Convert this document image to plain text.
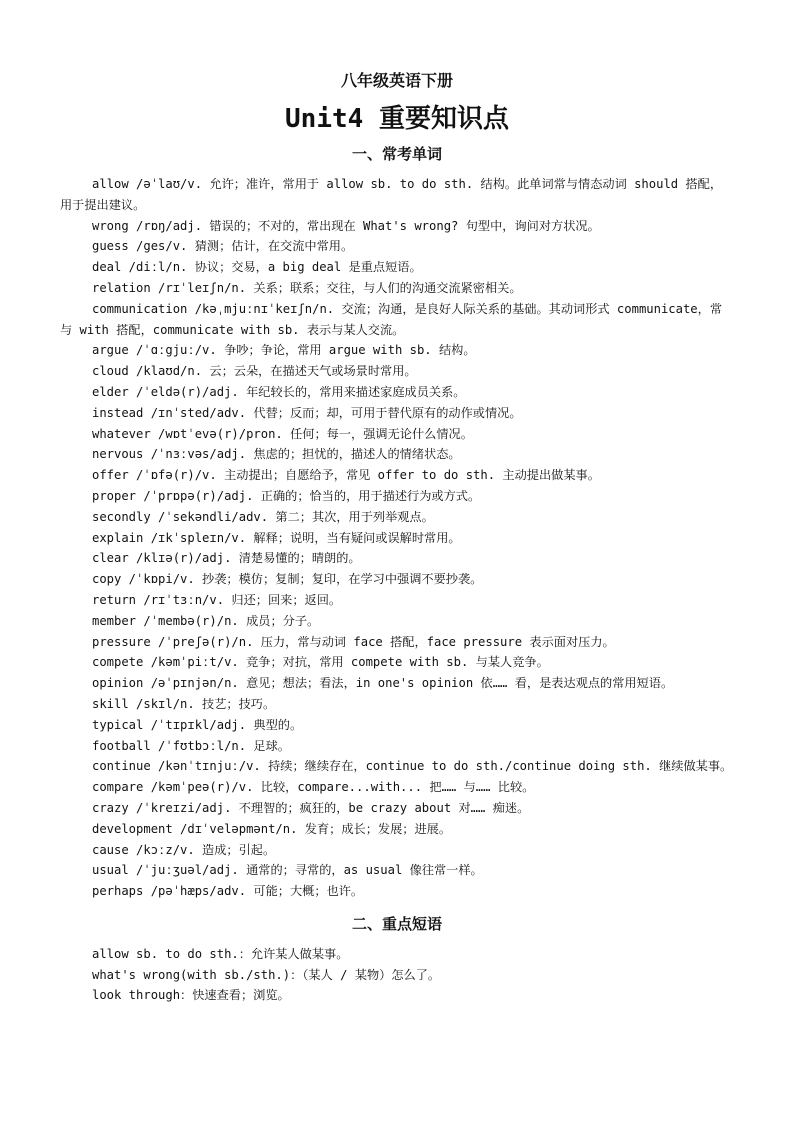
八年级英语下册
Unit4 重要知识点
一、常考单词
allow /əˈlaʊ/v. 允许；准许，常用于 allow sb. to do sth. 结构。此单词常与情态动词 should 搭配，用于提出建议。
wrong /rɒŋ/adj. 错误的；不对的，常出现在 What's wrong? 句型中，询问对方状况。
guess /ges/v. 猜测；估计，在交流中常用。
deal /diːl/n. 协议；交易，a big deal 是重点短语。
relation /rɪˈleɪʃn/n. 关系；联系；交往，与人们的沟通交流紧密相关。
communication /kəˌmjuːnɪˈkeɪʃn/n. 交流；沟通，是良好人际关系的基础。其动词形式 communicate，常与 with 搭配，communicate with sb. 表示与某人交流。
argue /ˈɑːgjuː/v. 争吵；争论，常用 argue with sb. 结构。
cloud /klaʊd/n. 云；云朵，在描述天气或场景时常用。
elder /ˈeldə(r)/adj. 年纪较长的，常用来描述家庭成员关系。
instead /ɪnˈsted/adv. 代替；反而；却，可用于替代原有的动作或情况。
whatever /wɒtˈevə(r)/pron. 任何；每一，强调无论什么情况。
nervous /ˈnɜːvəs/adj. 焦虑的；担忧的，描述人的情绪状态。
offer /ˈɒfə(r)/v. 主动提出；自愿给予，常见 offer to do sth. 主动提出做某事。
proper /ˈprɒpə(r)/adj. 正确的；恰当的，用于描述行为或方式。
secondly /ˈsekəndli/adv. 第二；其次，用于列举观点。
explain /ɪkˈspleɪn/v. 解释；说明，当有疑问或误解时常用。
clear /klɪə(r)/adj. 清楚易懂的；晴朗的。
copy /ˈkɒpi/v. 抄袭；模仿；复制；复印，在学习中强调不要抄袭。
return /rɪˈtɜːn/v. 归还；回来；返回。
member /ˈmembə(r)/n. 成员；分子。
pressure /ˈpreʃə(r)/n. 压力，常与动词 face 搭配，face pressure 表示面对压力。
compete /kəmˈpiːt/v. 竞争；对抗，常用 compete with sb. 与某人竞争。
opinion /əˈpɪnjən/n. 意见；想法；看法，in one's opinion 依…… 看，是表达观点的常用短语。
skill /skɪl/n. 技艺；技巧。
typical /ˈtɪpɪkl/adj. 典型的。
football /ˈfʊtbɔːl/n. 足球。
continue /kənˈtɪnjuː/v. 持续；继续存在，continue to do sth./continue doing sth. 继续做某事。
compare /kəmˈpeə(r)/v. 比较，compare...with... 把…… 与…… 比较。
crazy /ˈkreɪzi/adj. 不理智的；疯狂的，be crazy about 对…… 痴迷。
development /dɪˈveləpmənt/n. 发育；成长；发展；进展。
cause /kɔːz/v. 造成；引起。
usual /ˈjuːʒuəl/adj. 通常的；寻常的，as usual 像往常一样。
perhaps /pəˈhæps/adv. 可能；大概；也许。
二、重点短语
allow sb. to do sth.：允许某人做某事。
what's wrong(with sb./sth.)：（某人 / 某物）怎么了。
look through：快速查看；浏览。
